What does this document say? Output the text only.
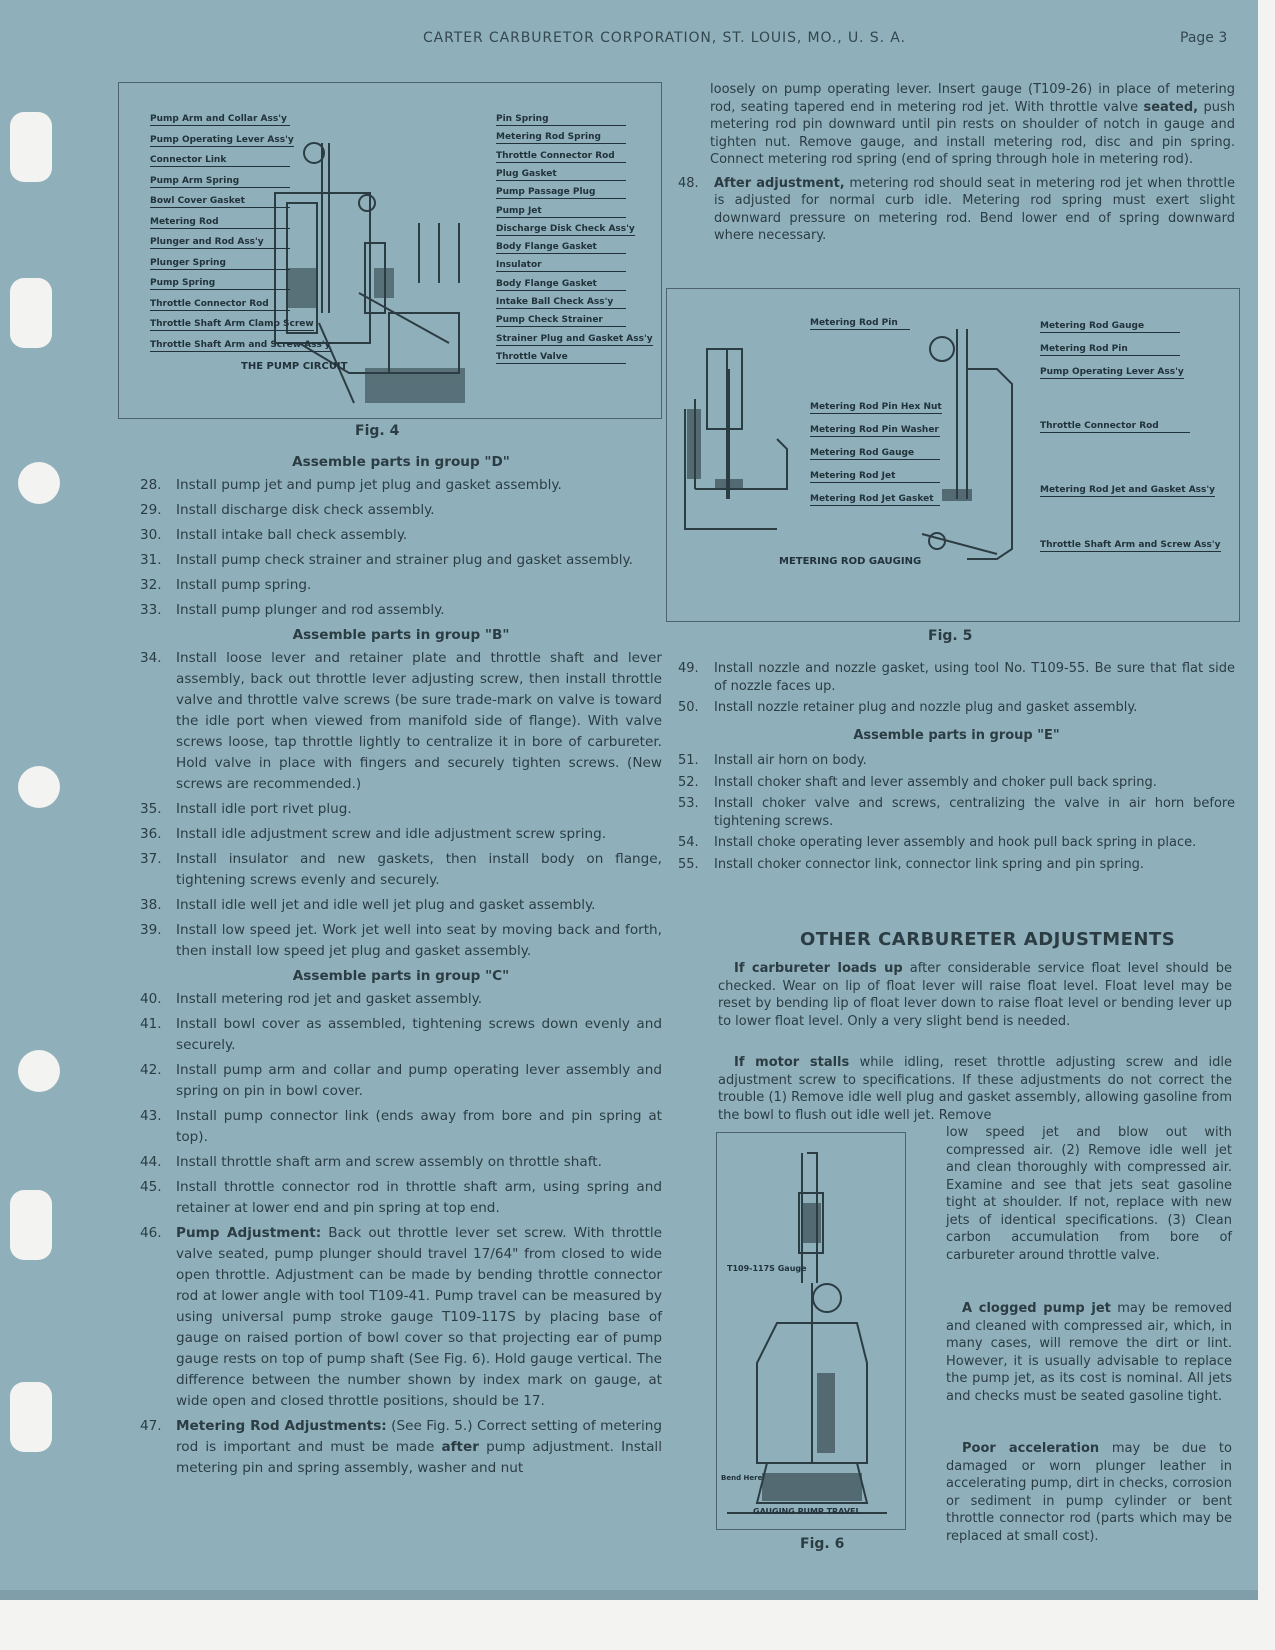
CARTER CARBURETOR CORPORATION, ST. LOUIS, MO., U. S. A.	Page 3
THE PUMP CIRCUIT
Fig. 4
Pump Arm and Collar Ass'y
Pump Operating Lever Ass'y
Connector Link
Pump Arm Spring
Bowl Cover Gasket
Metering Rod
Plunger and Rod Ass'y
Plunger Spring
Pump Spring
Throttle Connector Rod
Throttle Shaft Arm Clamp Screw
Throttle Shaft Arm and Screw Ass'y
Pin Spring
Metering Rod Spring
Throttle Connector Rod
Plug Gasket
Pump Passage Plug
Pump Jet
Discharge Disk Check Ass'y
Body Flange Gasket
Insulator
Body Flange Gasket
Intake Ball Check Ass'y
Pump Check Strainer
Strainer Plug and Gasket Ass'y
Throttle Valve
Assemble parts in group "D"
28.	Install pump jet and pump jet plug and gasket assembly.
29.	Install discharge disk check assembly.
30.	Install intake ball check assembly.
31.	Install pump check strainer and strainer plug and gasket assembly.
32.	Install pump spring.
33.	Install pump plunger and rod assembly.
Assemble parts in group "B"
34.	Install loose lever and retainer plate and throttle shaft and lever assembly, back out throttle lever adjusting screw, then install throttle valve and throttle valve screws (be sure trade-mark on valve is toward the idle port when viewed from manifold side of flange). With valve screws loose, tap throttle lightly to centralize it in bore of carbureter. Hold valve in place with fingers and securely tighten screws. (New screws are recommended.)
35.	Install idle port rivet plug.
36.	Install idle adjustment screw and idle adjustment screw spring.
37.	Install insulator and new gaskets, then install body on flange, tightening screws evenly and securely.
38.	Install idle well jet and idle well jet plug and gasket assembly.
39.	Install low speed jet. Work jet well into seat by moving back and forth, then install low speed jet plug and gasket assembly.
Assemble parts in group "C"
40.	Install metering rod jet and gasket assembly.
41.	Install bowl cover as assembled, tightening screws down evenly and securely.
42.	Install pump arm and collar and pump operating lever assembly and spring on pin in bowl cover.
43.	Install pump connector link (ends away from bore and pin spring at top).
44.	Install throttle shaft arm and screw assembly on throttle shaft.
45.	Install throttle connector rod in throttle shaft arm, using spring and retainer at lower end and pin spring at top end.
46.	Pump Adjustment: Back out throttle lever set screw. With throttle valve seated, pump plunger should travel 17/64" from closed to wide open throttle. Adjustment can be made by bending throttle connector rod at lower angle with tool T109-41. Pump travel can be measured by using universal pump stroke gauge T109-117S by placing base of gauge on raised portion of bowl cover so that projecting ear of pump gauge rests on top of pump shaft (See Fig. 6). Hold gauge vertical. The difference between the number shown by index mark on gauge, at wide open and closed throttle positions, should be 17.
47.	Metering Rod Adjustments: (See Fig. 5.) Correct setting of metering rod is important and must be made after pump adjustment. Install metering pin and spring assembly, washer and nut
loosely on pump operating lever. Insert gauge (T109-26) in place of metering rod, seating tapered end in metering rod jet. With throttle valve seated, push metering rod pin downward until pin rests on shoulder of notch in gauge and tighten nut. Remove gauge, and install metering rod, disc and pin spring. Connect metering rod spring (end of spring through hole in metering rod).
48.	After adjustment, metering rod should seat in metering rod jet when throttle is adjusted for normal curb idle. Metering rod spring must exert slight downward pressure on metering rod. Bend lower end of spring downward where necessary.
METERING ROD GAUGING
Fig. 5
Metering Rod Pin
Metering Rod Pin Hex Nut
Metering Rod Pin Washer
Metering Rod Gauge
Metering Rod Jet
Metering Rod Jet Gasket
Metering Rod Gauge
Metering Rod Pin
Pump Operating Lever Ass'y
Throttle Connector Rod
Metering Rod Jet and Gasket Ass'y
Throttle Shaft Arm and Screw Ass'y
49.	Install nozzle and nozzle gasket, using tool No. T109-55. Be sure that flat side of nozzle faces up.
50.	Install nozzle retainer plug and nozzle plug and gasket assembly.
Assemble parts in group "E"
51.	Install air horn on body.
52.	Install choker shaft and lever assembly and choker pull back spring.
53.	Install choker valve and screws, centralizing the valve in air horn before tightening screws.
54.	Install choke operating lever assembly and hook pull back spring in place.
55.	Install choker connector link, connector link spring and pin spring.
OTHER CARBURETER ADJUSTMENTS
If carbureter loads up after considerable service float level should be checked. Wear on lip of float lever will raise float level. Float level may be reset by bending lip of float lever down to raise float level or bending lever up to lower float level. Only a very slight bend is needed.
If motor stalls while idling, reset throttle adjusting screw and idle adjustment screw to specifications. If these adjustments do not correct the trouble (1) Remove idle well plug and gasket assembly, allowing gasoline from the bowl to flush out idle well jet. Remove
low speed jet and blow out with compressed air. (2) Remove idle well jet and clean thoroughly with compressed air. Examine and see that jets seat gasoline tight at shoulder. If not, replace with new jets of identical specifications. (3) Clean carbon accumulation from bore of carbureter around throttle valve.
A clogged pump jet may be removed and cleaned with compressed air, which, in many cases, will remove the dirt or lint. However, it is usually advisable to replace the pump jet, as its cost is nominal. All jets and checks must be seated gasoline tight.
Poor acceleration may be due to damaged or worn plunger leather in accelerating pump, dirt in checks, corrosion or sediment in pump cylinder or bent throttle connector rod (parts which may be replaced at small cost).
T109-117S Gauge
Bend Here
GAUGING PUMP TRAVEL
Fig. 6
